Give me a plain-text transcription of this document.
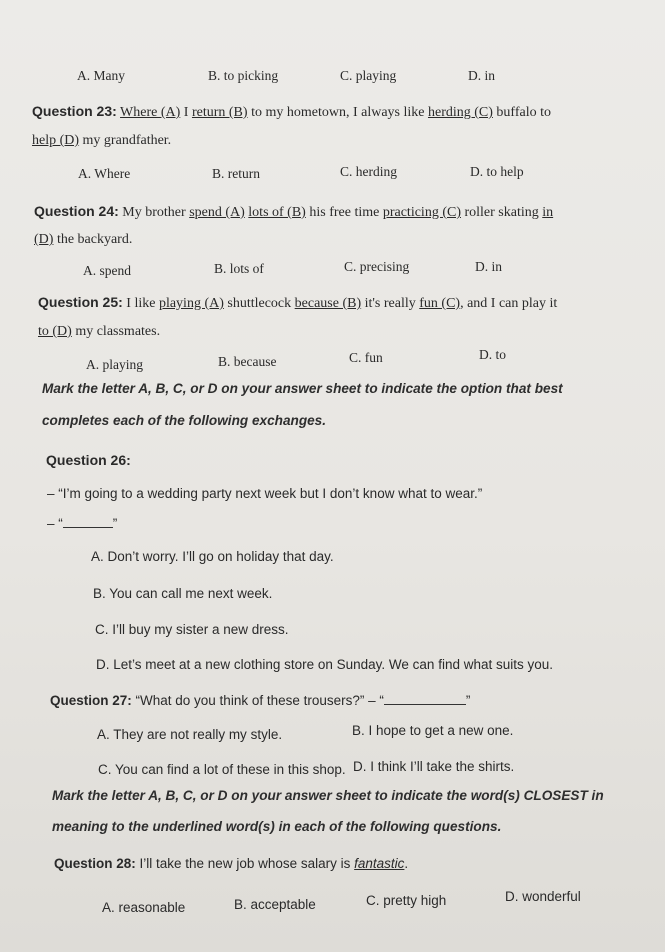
A. Many	B. to picking	C. playing	D. in
Question 23: Where (A) I return (B) to my hometown, I always like herding (C) buffalo to
help (D) my grandfather.
A. Where	B. return	C. herding	D. to help
Question 24: My brother spend (A) lots of (B) his free time practicing (C) roller skating in
(D) the backyard.
A. spend	B. lots of	C. precising	D. in
Question 25: I like playing (A) shuttlecock because (B) it's really fun (C), and I can play it
to (D) my classmates.
A. playing	B. because	C. fun	D. to
Mark the letter A, B, C, or D on your answer sheet to indicate the option that best
completes each of the following exchanges.
Question 26:
– “I’m going to a wedding party next week but I don’t know what to wear.”
– “	”
A. Don’t worry. I’ll go on holiday that day.
B. You can call me next week.
C. I’ll buy my sister a new dress.
D. Let’s meet at a new clothing store on Sunday. We can find what suits you.
Question 27: “What do you think of these trousers?” – “	”
A. They are not really my style.	B. I hope to get a new one.
C. You can find a lot of these in this shop. D. I think I’ll take the shirts.
Mark the letter A, B, C, or D on your answer sheet to indicate the word(s) CLOSEST in
meaning to the underlined word(s) in each of the following questions.
Question 28: I’ll take the new job whose salary is fantastic.
A. reasonable	B. acceptable	C. pretty high	D. wonderful
